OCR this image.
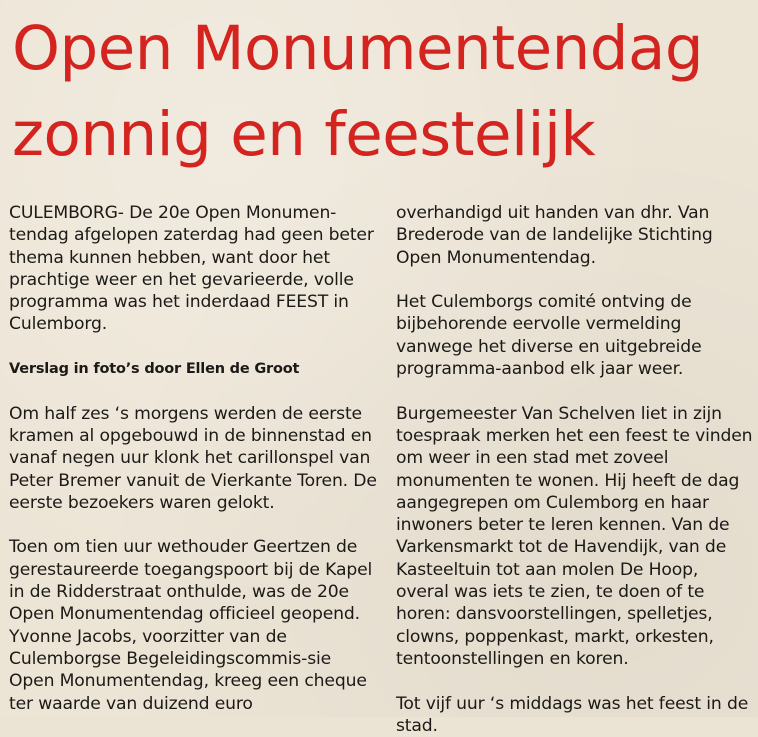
Open Monumentendag
zonnig en feestelijk

CULEMBORG- De 20e Open Monumen-tendag afgelopen zaterdag had geen beter thema kunnen hebben, want door het prachtige weer en het gevarieerde, volle programma was het inderdaad FEEST in Culemborg.

Verslag in foto’s door Ellen de Groot

Om half zes ‘s morgens werden de eerste kramen al opgebouwd in de binnenstad en vanaf negen uur klonk het carillonspel van Peter Bremer vanuit de Vierkante Toren. De eerste bezoekers waren gelokt.

Toen om tien uur wethouder Geertzen de gerestaureerde toegangspoort bij de Kapel in de Ridderstraat onthulde, was de 20e Open Monumentendag officieel geopend. Yvonne Jacobs, voorzitter van de Culemborgse Begeleidingscommis-sie Open Monumentendag, kreeg een cheque ter waarde van duizend euro

overhandigd uit handen van dhr. Van Brederode van de landelijke Stichting Open Monumentendag.

Het Culemborgs comité ontving de bijbehorende eervolle vermelding vanwege het diverse en uitgebreide programma-aanbod elk jaar weer.

Burgemeester Van Schelven liet in zijn toespraak merken het een feest te vinden om weer in een stad met zoveel monumenten te wonen. Hij heeft de dag aangegrepen om Culemborg en haar inwoners beter te leren kennen. Van de Varkensmarkt tot de Havendijk, van de Kasteeltuin tot aan molen De Hoop, overal was iets te zien, te doen of te horen: dansvoorstellingen, spelletjes, clowns, poppenkast, markt, orkesten, tentoonstellingen en koren.

Tot vijf uur ‘s middags was het feest in de stad.
